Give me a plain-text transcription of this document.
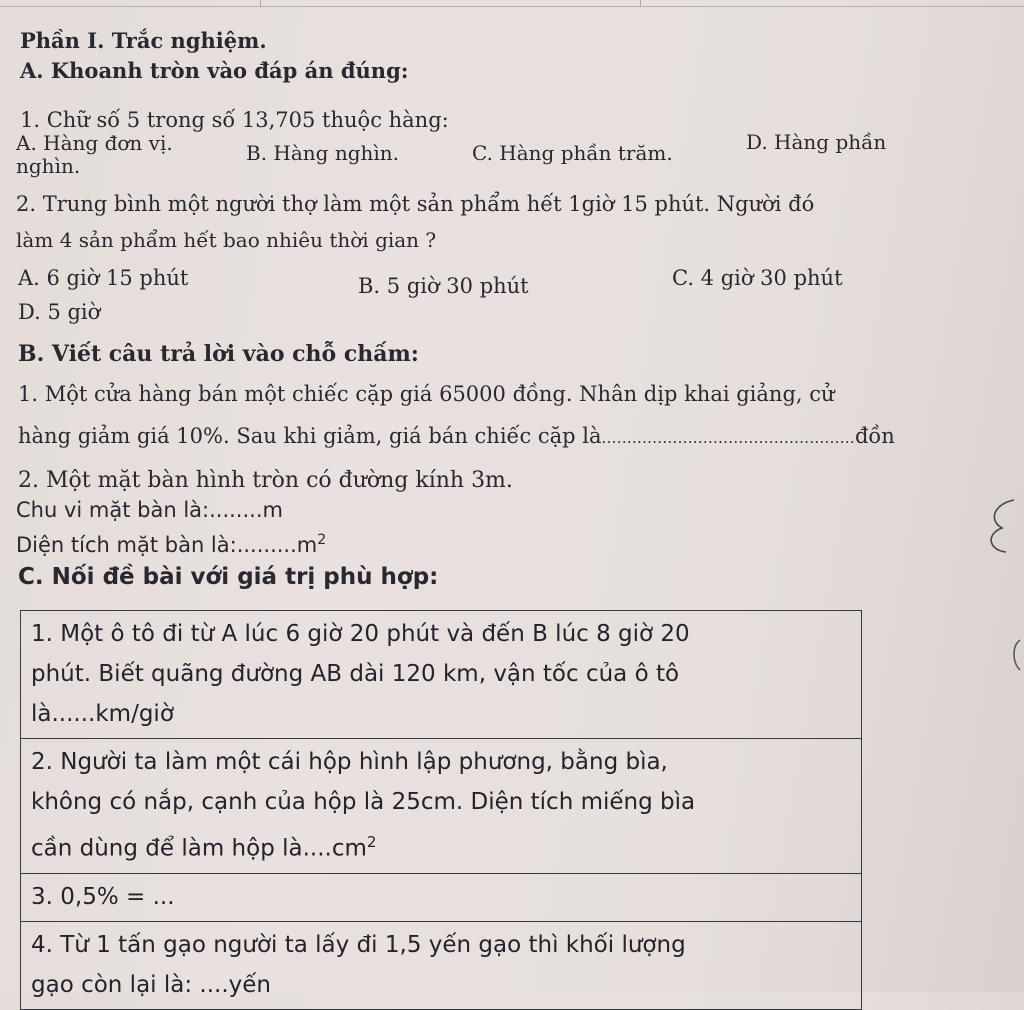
Phần I. Trắc nghiệm.
A. Khoanh tròn vào đáp án đúng:
1. Chữ số 5 trong số 13,705 thuộc hàng:
A. Hàng đơn vị.	B. Hàng nghìn.	C. Hàng phần trăm.	D. Hàng phần
nghìn.
2. Trung bình một người thợ làm một sản phẩm hết 1giờ 15 phút. Người đó
làm 4 sản phẩm hết bao nhiêu thời gian ?
A. 6 giờ 15 phút	B. 5 giờ 30 phút	C. 4 giờ 30 phút
D. 5 giờ
B. Viết câu trả lời vào chỗ chấm:
1. Một cửa hàng bán một chiếc cặp giá 65000 đồng. Nhân dịp khai giảng, cử
hàng giảm giá 10%. Sau khi giảm, giá bán chiếc cặp là..................................................đồn
2. Một mặt bàn hình tròn có đường kính 3m.
Chu vi mặt bàn là:........m
Diện tích mặt bàn $là:.........m^2$
C. Nối đề bài với giá trị phù hợp:
1. Một ô tô đi từ A lúc 6 giờ 20 phút và đến B lúc 8 giờ 20
phút. Biết quãng đường AB dài 120 km, vận tốc của ô tô
là......km/giờ

2. Người ta làm một cái hộp hình lập phương, bằng bìa,
không có nắp, cạnh của hộp là 25cm. Diện tích miếng bìa
cần dùng để làm hộp $là....cm^2$

3. 0,5% = ...

4. Từ 1 tấn gạo người ta lấy đi 1,5 yến gạo thì khối lượng
gạo còn lại là: ....yến
